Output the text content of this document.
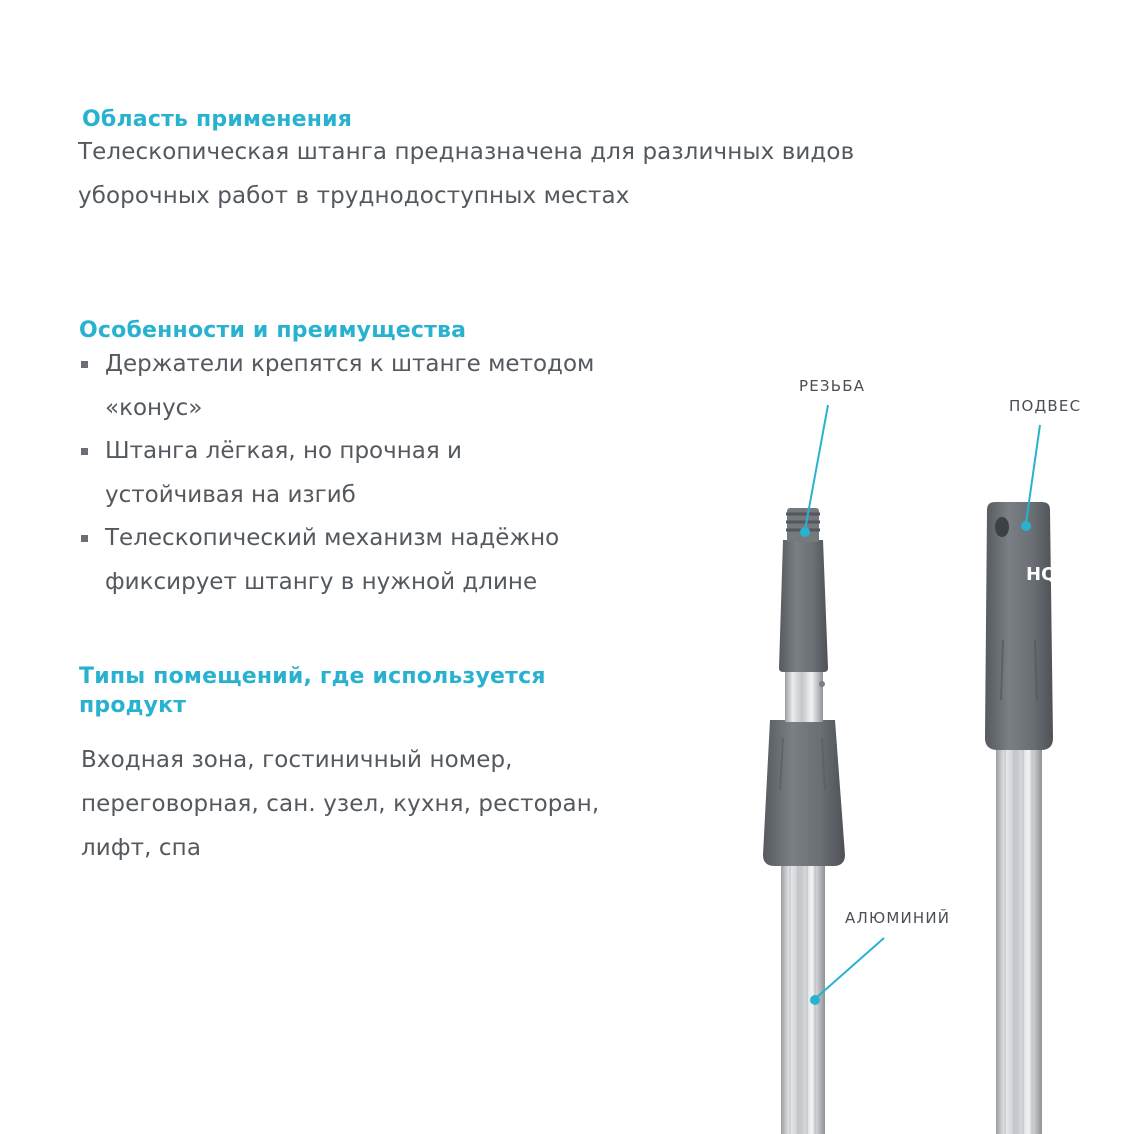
Область применения

Телескопическая штанга предназначена для различных видов

уборочных работ в труднодоступных местах

Особенности и преимущества
Держатели крепятся к штанге методом
«конус»
Штанга лёгкая, но прочная и
устойчивая на изгиб
Телескопический механизм надёжно
фиксирует штангу в нужной длине
Типы помещений, где используется
продукт

Входная зона, гостиничный номер,

переговорная, сан. узел, кухня, ресторан,

лифт, спа

HQ
РЕЗЬБА
ПОДВЕС
АЛЮМИНИЙ
